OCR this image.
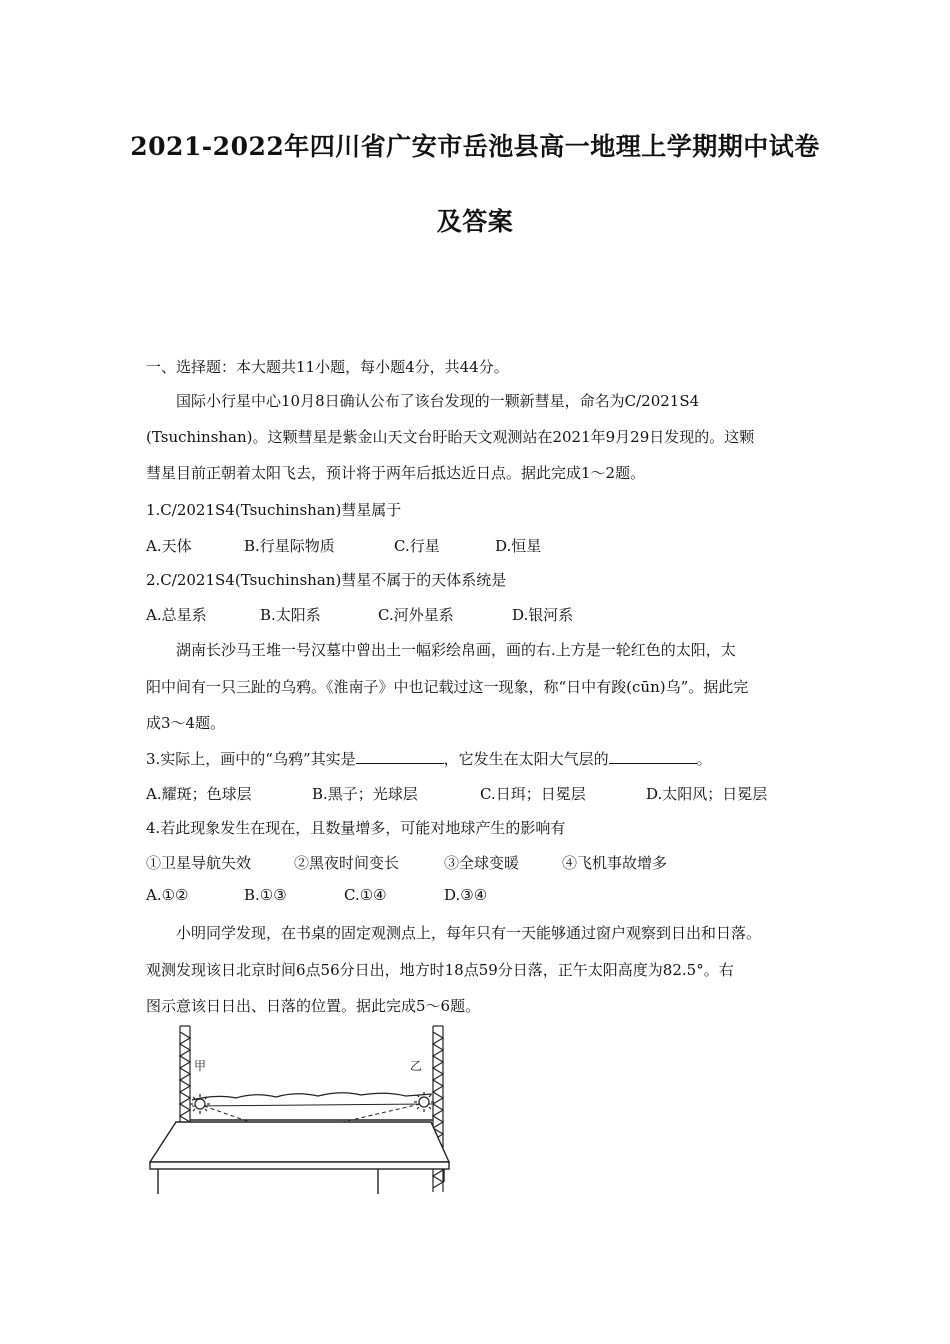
2021-2022年四川省广安市岳池县高一地理上学期期中试卷
及答案
一、选择题：本大题共11小题，每小题4分，共44分。
国际小行星中心10月8日确认公布了该台发现的一颗新彗星，命名为C/2021S4
(Tsuchinshan)。这颗彗星是紫金山天文台盱眙天文观测站在2021年9月29日发现的。这颗
彗星目前正朝着太阳飞去，预计将于两年后抵达近日点。据此完成1～2题。
1.C/2021S4(Tsuchinshan)彗星属于
A.天体	B.行星际物质	C.行星	D.恒星
2.C/2021S4(Tsuchinshan)彗星不属于的天体系统是
A.总星系	B.太阳系	C.河外星系	D.银河系
湖南长沙马王堆一号汉墓中曾出土一幅彩绘帛画，画的右.上方是一轮红色的太阳，太
阳中间有一只三趾的乌鸦。《淮南子》中也记载过这一现象，称“日中有踆(cūn)乌”。据此完
成3～4题。
3.实际上，画中的“乌鸦”其实是	，它发生在太阳大气层的	。
A.耀斑；色球层	B.黑子；光球层	C.日珥；日冕层	D.太阳风；日冕层
4.若此现象发生在现在，且数量增多，可能对地球产生的影响有
①卫星导航失效	②黑夜时间变长	③全球变暖	④飞机事故增多
A.①②	B.①③	C.①④	D.③④
小明同学发现，在书桌的固定观测点上，每年只有一天能够通过窗户观察到日出和日落。
观测发现该日北京时间6点56分日出，地方时18点59分日落，正午太阳高度为82.5°。右
图示意该日日出、日落的位置。据此完成5～6题。
甲	乙
